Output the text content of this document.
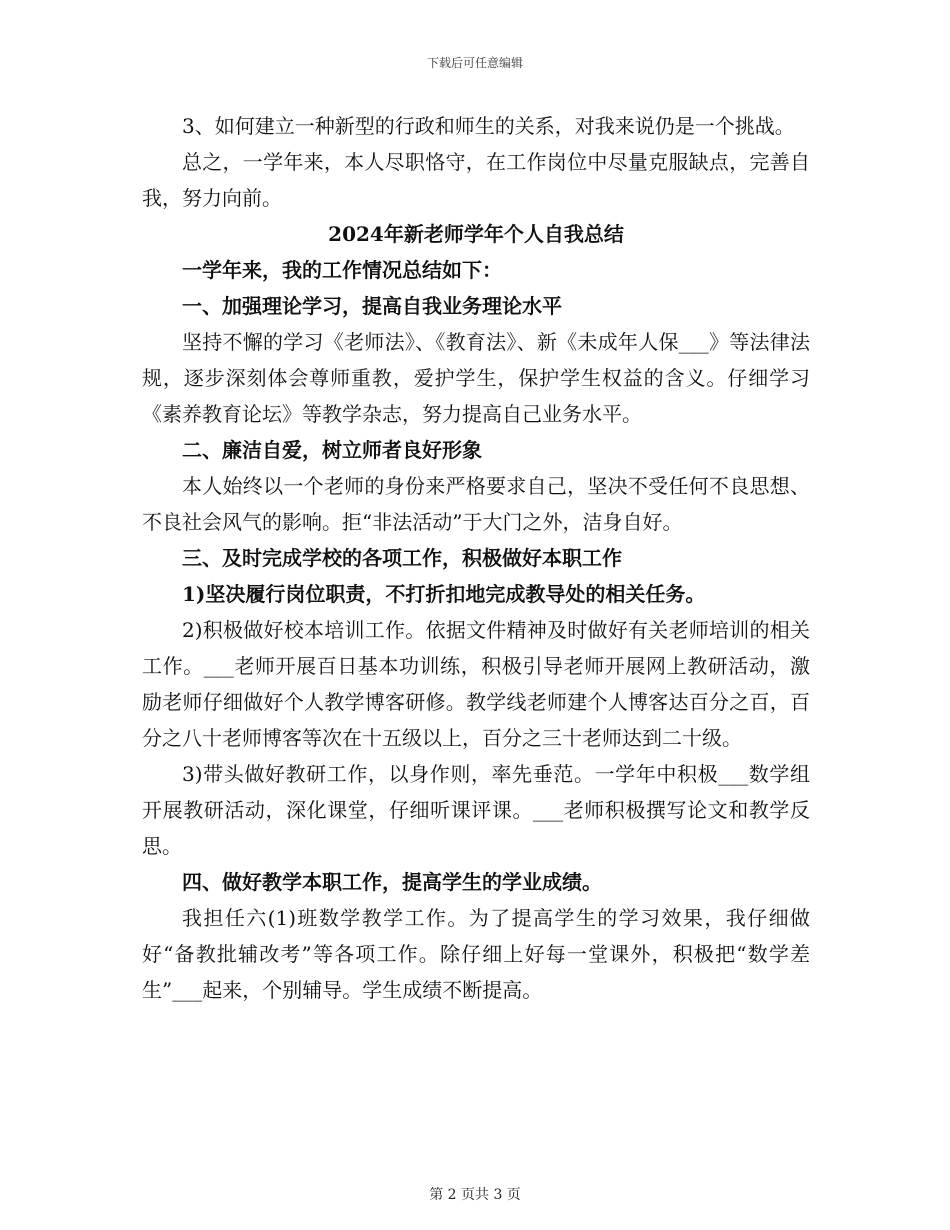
下载后可任意编辑

3、如何建立一种新型的行政和师生的关系，对我来说仍是一个挑战。

总之，一学年来，本人尽职恪守，在工作岗位中尽量克服缺点，完善自我，努力向前。

2024年新老师学年个人自我总结

一学年来，我的工作情况总结如下：

一、加强理论学习，提高自我业务理论水平

坚持不懈的学习《老师法》、《教育法》、新《未成年人保___》等法律法规，逐步深刻体会尊师重教，爱护学生，保护学生权益的含义。仔细学习《素养教育论坛》等教学杂志，努力提高自己业务水平。

二、廉洁自爱，树立师者良好形象

本人始终以一个老师的身份来严格要求自己，坚决不受任何不良思想、不良社会风气的影响。拒“非法活动”于大门之外，洁身自好。

三、及时完成学校的各项工作，积极做好本职工作

1)坚决履行岗位职责，不打折扣地完成教导处的相关任务。

2)积极做好校本培训工作。依据文件精神及时做好有关老师培训的相关工作。___老师开展百日基本功训练，积极引导老师开展网上教研活动，激励老师仔细做好个人教学博客研修。教学线老师建个人博客达百分之百，百分之八十老师博客等次在十五级以上，百分之三十老师达到二十级。

3)带头做好教研工作，以身作则，率先垂范。一学年中积极___数学组开展教研活动，深化课堂，仔细听课评课。___老师积极撰写论文和教学反思。

四、做好教学本职工作，提高学生的学业成绩。

我担任六(1)班数学教学工作。为了提高学生的学习效果，我仔细做好“备教批辅改考”等各项工作。除仔细上好每一堂课外，积极把“数学差生”___起来，个别辅导。学生成绩不断提高。

第 2 页共 3 页
